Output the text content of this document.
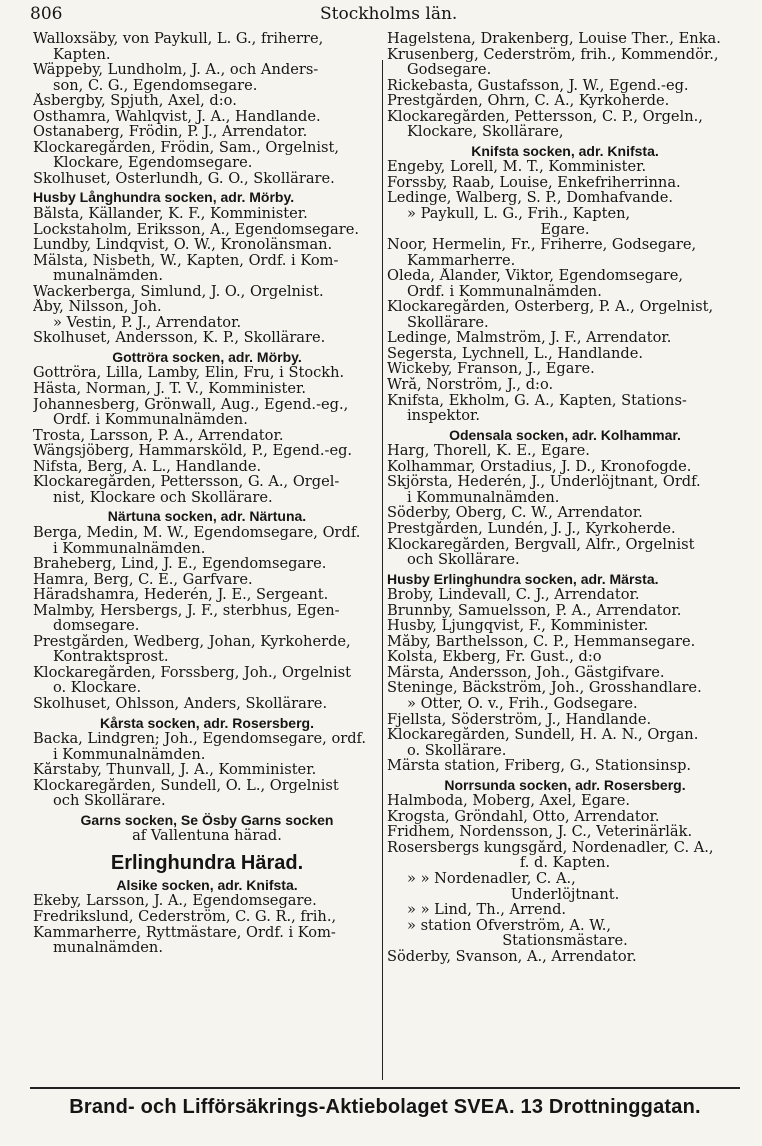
806	Stockholms län.
Walloxsäby, von Paykull, L. G., friherre,
Kapten.
Wäppeby, Lundholm, J. A., och Anders-
son, C. G., Egendomsegare.
Åsbergby, Spjuth, Axel, d:o.
Östhamra, Wahlqvist, J. A., Handlande.
Östanaberg, Frödin, P. J., Arrendator.
Klockaregården, Frödin, Sam., Orgelnist,
Klockare, Egendomsegare.
Skolhuset, Österlundh, G. O., Skollärare.
Husby Långhundra socken, adr. Mörby.
Bålsta, Källander, K. F., Komminister.
Lockstaholm, Eriksson, A., Egendomsegare.
Lundby, Lindqvist, O. W., Kronolänsman.
Mälsta, Nisbeth, W., Kapten, Ordf. i Kom-
munalnämden.
Wackerberga, Simlund, J. O., Orgelnist.
Åby, Nilsson, Joh.
» Vestin, P. J., Arrendator.
Skolhuset, Andersson, K. P., Skollärare.
Gottröra socken, adr. Mörby.
Gottröra, Lilla, Lamby, Elin, Fru, i Stockh.
Hästa, Norman, J. T. V., Komminister.
Johannesberg, Grönwall, Aug., Egend.-eg.,
Ordf. i Kommunalnämden.
Trosta, Larsson, P. A., Arrendator.
Wängsjöberg, Hammarsköld, P., Egend.-eg.
Nifsta, Berg, A. L., Handlande.
Klockaregården, Pettersson, G. A., Orgel-
nist, Klockare och Skollärare.
Närtuna socken, adr. Närtuna.
Berga, Medin, M. W., Egendomsegare, Ordf.
i Kommunalnämden.
Braheberg, Lind, J. E., Egendomsegare.
Hamra, Berg, C. E., Garfvare.
Häradshamra, Hederén, J. E., Sergeant.
Malmby, Hersbergs, J. F., sterbhus, Egen-
domsegare.
Prestgården, Wedberg, Johan, Kyrkoherde,
Kontraktsprost.
Klockaregården, Forssberg, Joh., Orgelnist
o. Klockare.
Skolhuset, Ohlsson, Anders, Skollärare.
Kårsta socken, adr. Rosersberg.
Backa, Lindgren; Joh., Egendomsegare, ordf.
i Kommunalnämden.
Kårstaby, Thunvall, J. A., Komminister.
Klockaregården, Sundell, O. L., Orgelnist
och Skollärare.
Garns socken, Se Ösby Garns socken
af Vallentuna härad.
Erlinghundra Härad.
Alsike socken, adr. Knifsta.
Ekeby, Larsson, J. A., Egendomsegare.
Fredrikslund, Cederström, C. G. R., frih.,
Kammarherre, Ryttmästare, Ordf. i Kom-
munalnämden.
Hagelstena, Drakenberg, Louise Ther., Enka.
Krusenberg, Cederström, frih., Kommendör.,
Godsegare.
Rickebasta, Gustafsson, J. W., Egend.-eg.
Prestgården, Öhrn, C. A., Kyrkoherde.
Klockaregården, Pettersson, C. P., Orgeln.,
Klockare, Skollärare,
Knifsta socken, adr. Knifsta.
Engeby, Lorell, M. T., Komminister.
Forssby, Raab, Louise, Enkefriherrinna.
Ledinge, Walberg, S. P., Domhafvande.
» Paykull, L. G., Frih., Kapten,
Egare.
Noor, Hermelin, Fr., Friherre, Godsegare,
Kammarherre.
Oleda, Ålander, Viktor, Egendomsegare,
Ordf. i Kommunalnämden.
Klockaregården, Österberg, P. A., Orgelnist,
Skollärare.
Ledinge, Malmström, J. F., Arrendator.
Segersta, Lychnell, L., Handlande.
Wickeby, Franson, J., Egare.
Wrå, Norström, J., d:o.
Knifsta, Ekholm, G. A., Kapten, Stations-
inspektor.
Odensala socken, adr. Kolhammar.
Harg, Thorell, K. E., Egare.
Kolhammar, Orstadius, J. D., Kronofogde.
Skjörsta, Hederén, J., Underlöjtnant, Ordf.
i Kommunalnämden.
Söderby, Öberg, C. W., Arrendator.
Prestgården, Lundén, J. J., Kyrkoherde.
Klockaregården, Bergvall, Alfr., Orgelnist
och Skollärare.
Husby Erlinghundra socken, adr. Märsta.
Broby, Lindevall, C. J., Arrendator.
Brunnby, Samuelsson, P. A., Arrendator.
Husby, Ljungqvist, F., Komminister.
Måby, Barthelsson, C. P., Hemmansegare.
Kolsta, Ekberg, Fr. Gust., d:o
Märsta, Andersson, Joh., Gästgifvare.
Steninge, Bäckström, Joh., Grosshandlare.
» Otter, O. v., Frih., Godsegare.
Fjellsta, Söderström, J., Handlande.
Klockaregården, Sundell, H. A. N., Organ.
o. Skollärare.
Märsta station, Friberg, G., Stationsinsp.
Norrsunda socken, adr. Rosersberg.
Halmboda, Moberg, Axel, Egare.
Krogsta, Gröndahl, Otto, Arrendator.
Fridhem, Nordensson, J. C., Veterinärläk.
Rosersbergs kungsgård, Nordenadler, C. A.,
f. d. Kapten.
» » Nordenadler, C. A.,
Underlöjtnant.
» » Lind, Th., Arrend.
» station Öfverström, A. W.,
Stationsmästare.
Söderby, Svanson, A., Arrendator.
Brand- och Lifförsäkrings-Aktiebolaget SVEA. 13 Drottninggatan.
